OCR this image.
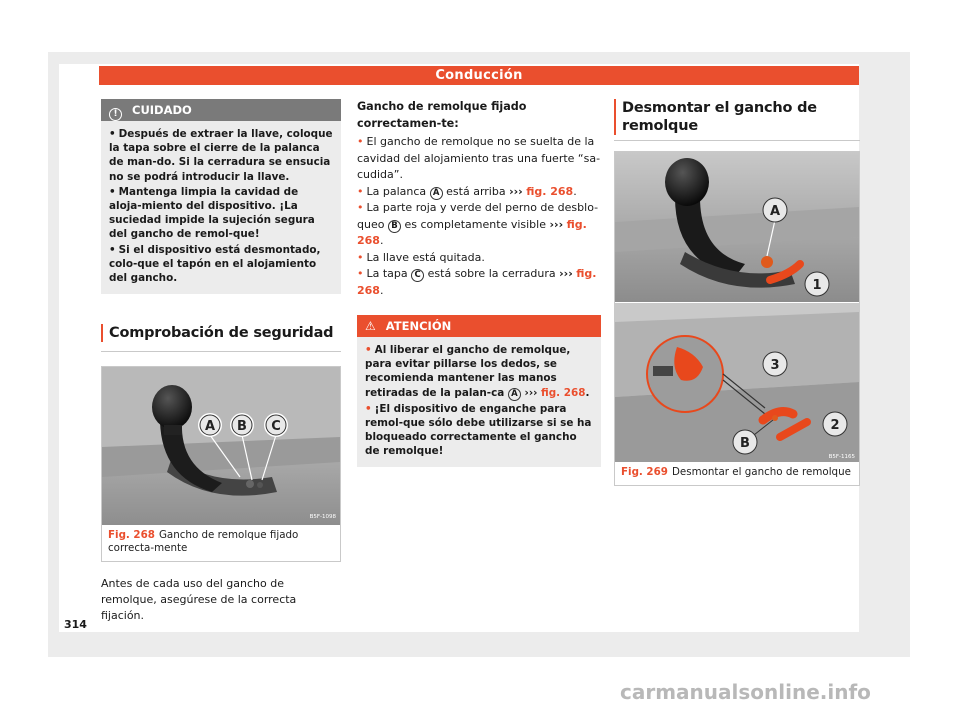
Conducción
! CUIDADO
• Después de extraer la llave, coloque la tapa sobre el cierre de la palanca de man-do. Si la cerradura se ensucia no se podrá introducir la llave.
• Mantenga limpia la cavidad de aloja-miento del dispositivo. ¡La suciedad impide la sujeción segura del gancho de remol-que!
• Si el dispositivo está desmontado, colo-que el tapón en el alojamiento del gancho.
Comprobación de seguridad
A B C
B5F-1098
Fig. 268 Gancho de remolque fijado correcta-mente
Antes de cada uso del gancho de remolque, asegúrese de la correcta fijación.
Gancho de remolque fijado correctamen-te:
• El gancho de remolque no se suelta de la cavidad del alojamiento tras una fuerte “sa-cudida”.
• La palanca A está arriba ››› fig. 268.
• La parte roja y verde del perno de desblo-queo B es completamente visible ››› fig. 268.
• La llave está quitada.
• La tapa C está sobre la cerradura ››› fig. 268.
⚠ ATENCIÓN
• Al liberar el gancho de remolque, para evitar pillarse los dedos, se recomienda mantener las manos retiradas de la palan-ca A ››› fig. 268.
• ¡El dispositivo de enganche para remol-que sólo debe utilizarse si se ha bloqueado correctamente el gancho de remolque!
Desmontar el gancho de remolque
A
1
3
2
B
B5F-1165
Fig. 269 Desmontar el gancho de remolque
314
carmanualsonline.info
